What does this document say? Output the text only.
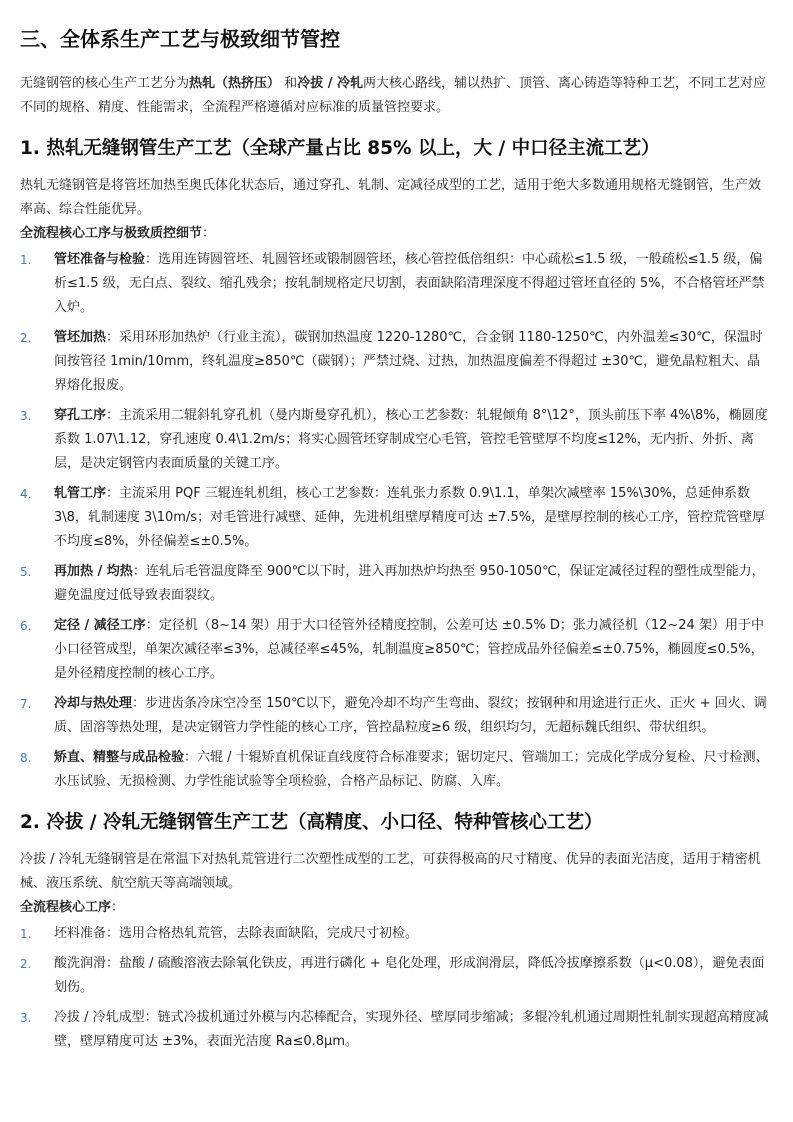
三、全体系生产工艺与极致细节管控

无缝钢管的核心生产工艺分为热轧（热挤压） 和冷拔 / 冷轧两大核心路线，辅以热扩、顶管、离心铸造等特种工艺，不同工艺对应不同的规格、精度、性能需求，全流程严格遵循对应标准的质量管控要求。

1. 热轧无缝钢管生产工艺（全球产量占比 85% 以上，大 / 中口径主流工艺）

热轧无缝钢管是将管坯加热至奥氏体化状态后，通过穿孔、轧制、定减径成型的工艺，适用于绝大多数通用规格无缝钢管，生产效率高、综合性能优异。

全流程核心工序与极致质控细节：

1. 管坯准备与检验：选用连铸圆管坯、轧圆管坯或锻制圆管坯，核心管控低倍组织：中心疏松≤1.5 级，一般疏松≤1.5 级，偏析≤1.5 级，无白点、裂纹、缩孔残余；按轧制规格定尺切割，表面缺陷清理深度不得超过管坯直径的 5%，不合格管坯严禁入炉。
2. 管坯加热：采用环形加热炉（行业主流），碳钢加热温度 1220-1280℃，合金钢 1180-1250℃，内外温差≤30℃，保温时间按管径 1min/10mm，终轧温度≥850℃（碳钢）；严禁过烧、过热，加热温度偏差不得超过 ±30℃，避免晶粒粗大、晶界熔化报废。
3. 穿孔工序：主流采用二辊斜轧穿孔机（曼内斯曼穿孔机），核心工艺参数：轧辊倾角 8°\12°，顶头前压下率 4%\8%，椭圆度系数 1.07\1.12，穿孔速度 0.4\1.2m/s；将实心圆管坯穿制成空心毛管，管控毛管壁厚不均度≤12%，无内折、外折、离层，是决定钢管内表面质量的关键工序。
4. 轧管工序：主流采用 PQF 三辊连轧机组，核心工艺参数：连轧张力系数 0.9\1.1，单架次减壁率 15%\30%，总延伸系数 3\8，轧制速度 3\10m/s；对毛管进行减壁、延伸，先进机组壁厚精度可达 ±7.5%，是壁厚控制的核心工序，管控荒管壁厚不均度≤8%，外径偏差≤±0.5%。
5. 再加热 / 均热：连轧后毛管温度降至 900℃以下时，进入再加热炉均热至 950-1050℃，保证定减径过程的塑性成型能力，避免温度过低导致表面裂纹。
6. 定径 / 减径工序：定径机（8~14 架）用于大口径管外径精度控制，公差可达 ±0.5% D；张力减径机（12~24 架）用于中小口径管成型，单架次减径率≤3%，总减径率≤45%，轧制温度≥850℃；管控成品外径偏差≤±0.75%，椭圆度≤0.5%，是外径精度控制的核心工序。
7. 冷却与热处理：步进齿条冷床空冷至 150℃以下，避免冷却不均产生弯曲、裂纹；按钢种和用途进行正火、正火 + 回火、调质、固溶等热处理，是决定钢管力学性能的核心工序，管控晶粒度≥6 级，组织均匀，无超标魏氏组织、带状组织。
8. 矫直、精整与成品检验：六辊 / 十辊矫直机保证直线度符合标准要求；锯切定尺、管端加工；完成化学成分复检、尺寸检测、水压试验、无损检测、力学性能试验等全项检验，合格产品标记、防腐、入库。
2. 冷拔 / 冷轧无缝钢管生产工艺（高精度、小口径、特种管核心工艺）

冷拔 / 冷轧无缝钢管是在常温下对热轧荒管进行二次塑性成型的工艺，可获得极高的尺寸精度、优异的表面光洁度，适用于精密机械、液压系统、航空航天等高端领域。

全流程核心工序：

1. 坯料准备：选用合格热轧荒管，去除表面缺陷，完成尺寸初检。
2. 酸洗润滑：盐酸 / 硫酸溶液去除氧化铁皮，再进行磷化 + 皂化处理，形成润滑层，降低冷拔摩擦系数（μ<0.08），避免表面划伤。
3. 冷拔 / 冷轧成型：链式冷拔机通过外模与内芯棒配合，实现外径、壁厚同步缩减；多辊冷轧机通过周期性轧制实现超高精度减壁，壁厚精度可达 ±3%，表面光洁度 Ra≤0.8μm。
